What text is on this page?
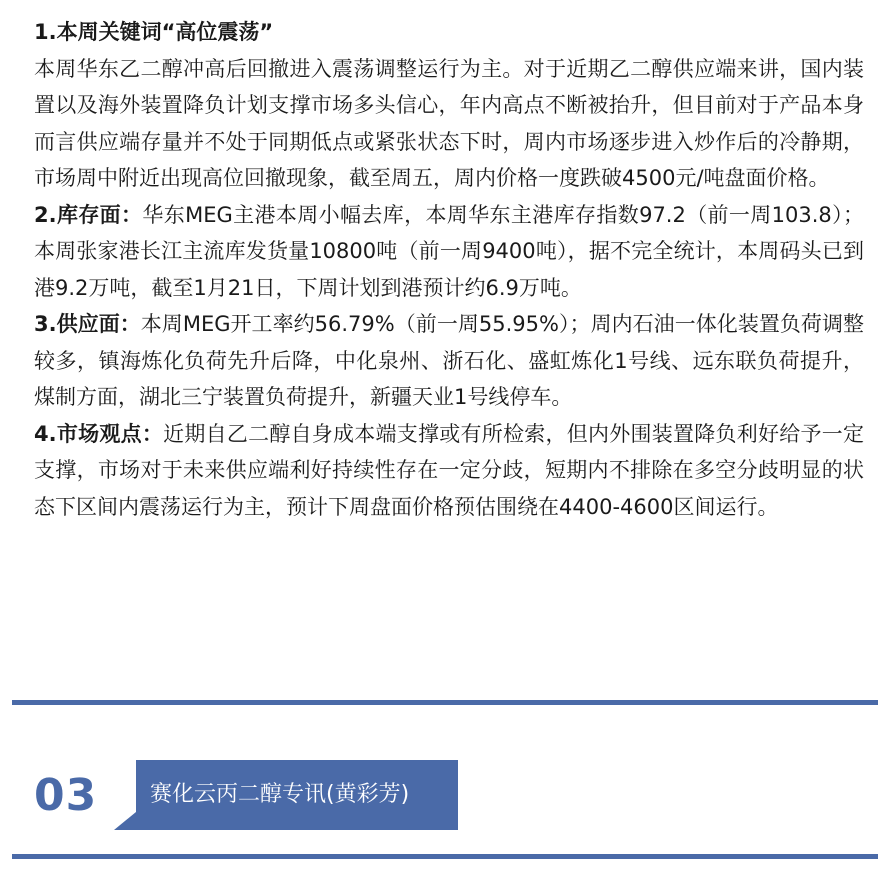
1.本周关键词“高位震荡”
本周华东乙二醇冲高后回撤进入震荡调整运行为主。对于近期乙二醇供应端来讲，国内装置以及海外装置降负计划支撑市场多头信心，年内高点不断被抬升，但目前对于产品本身而言供应端存量并不处于同期低点或紧张状态下时，周内市场逐步进入炒作后的冷静期，市场周中附近出现高位回撤现象，截至周五，周内价格一度跌破4500元/吨盘面价格。

2.库存面：华东MEG主港本周小幅去库，本周华东主港库存指数97.2（前一周103.8）；本周张家港长江主流库发货量10800吨（前一周9400吨），据不完全统计，本周码头已到港9.2万吨，截至1月21日，下周计划到港预计约6.9万吨。

3.供应面：本周MEG开工率约56.79%（前一周55.95%）；周内石油一体化装置负荷调整较多，镇海炼化负荷先升后降，中化泉州、浙石化、盛虹炼化1号线、远东联负荷提升，煤制方面，湖北三宁装置负荷提升，新疆天业1号线停车。

4.市场观点：近期自乙二醇自身成本端支撑或有所检索，但内外围装置降负利好给予一定支撑，市场对于未来供应端利好持续性存在一定分歧，短期内不排除在多空分歧明显的状态下区间内震荡运行为主，预计下周盘面价格预估围绕在4400-4600区间运行。

03 赛化云丙二醇专讯(黄彩芳)
